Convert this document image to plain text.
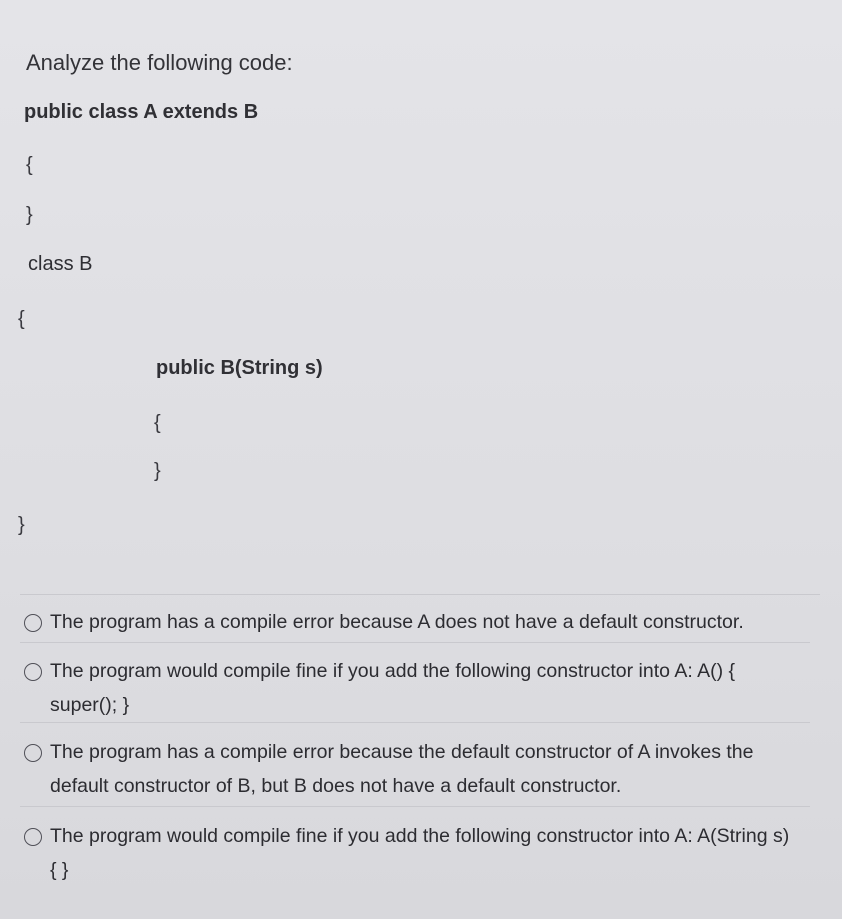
Analyze the following code:
public class A extends B
{
}
class B
{
public B(String s)
{
}
}
The program has a compile error because A does not have a default constructor.
The program would compile fine if you add the following constructor into A: A() { super(); }
The program has a compile error because the default constructor of A invokes the default constructor of B, but B does not have a default constructor.
The program would compile fine if you add the following constructor into A: A(String s) { }
